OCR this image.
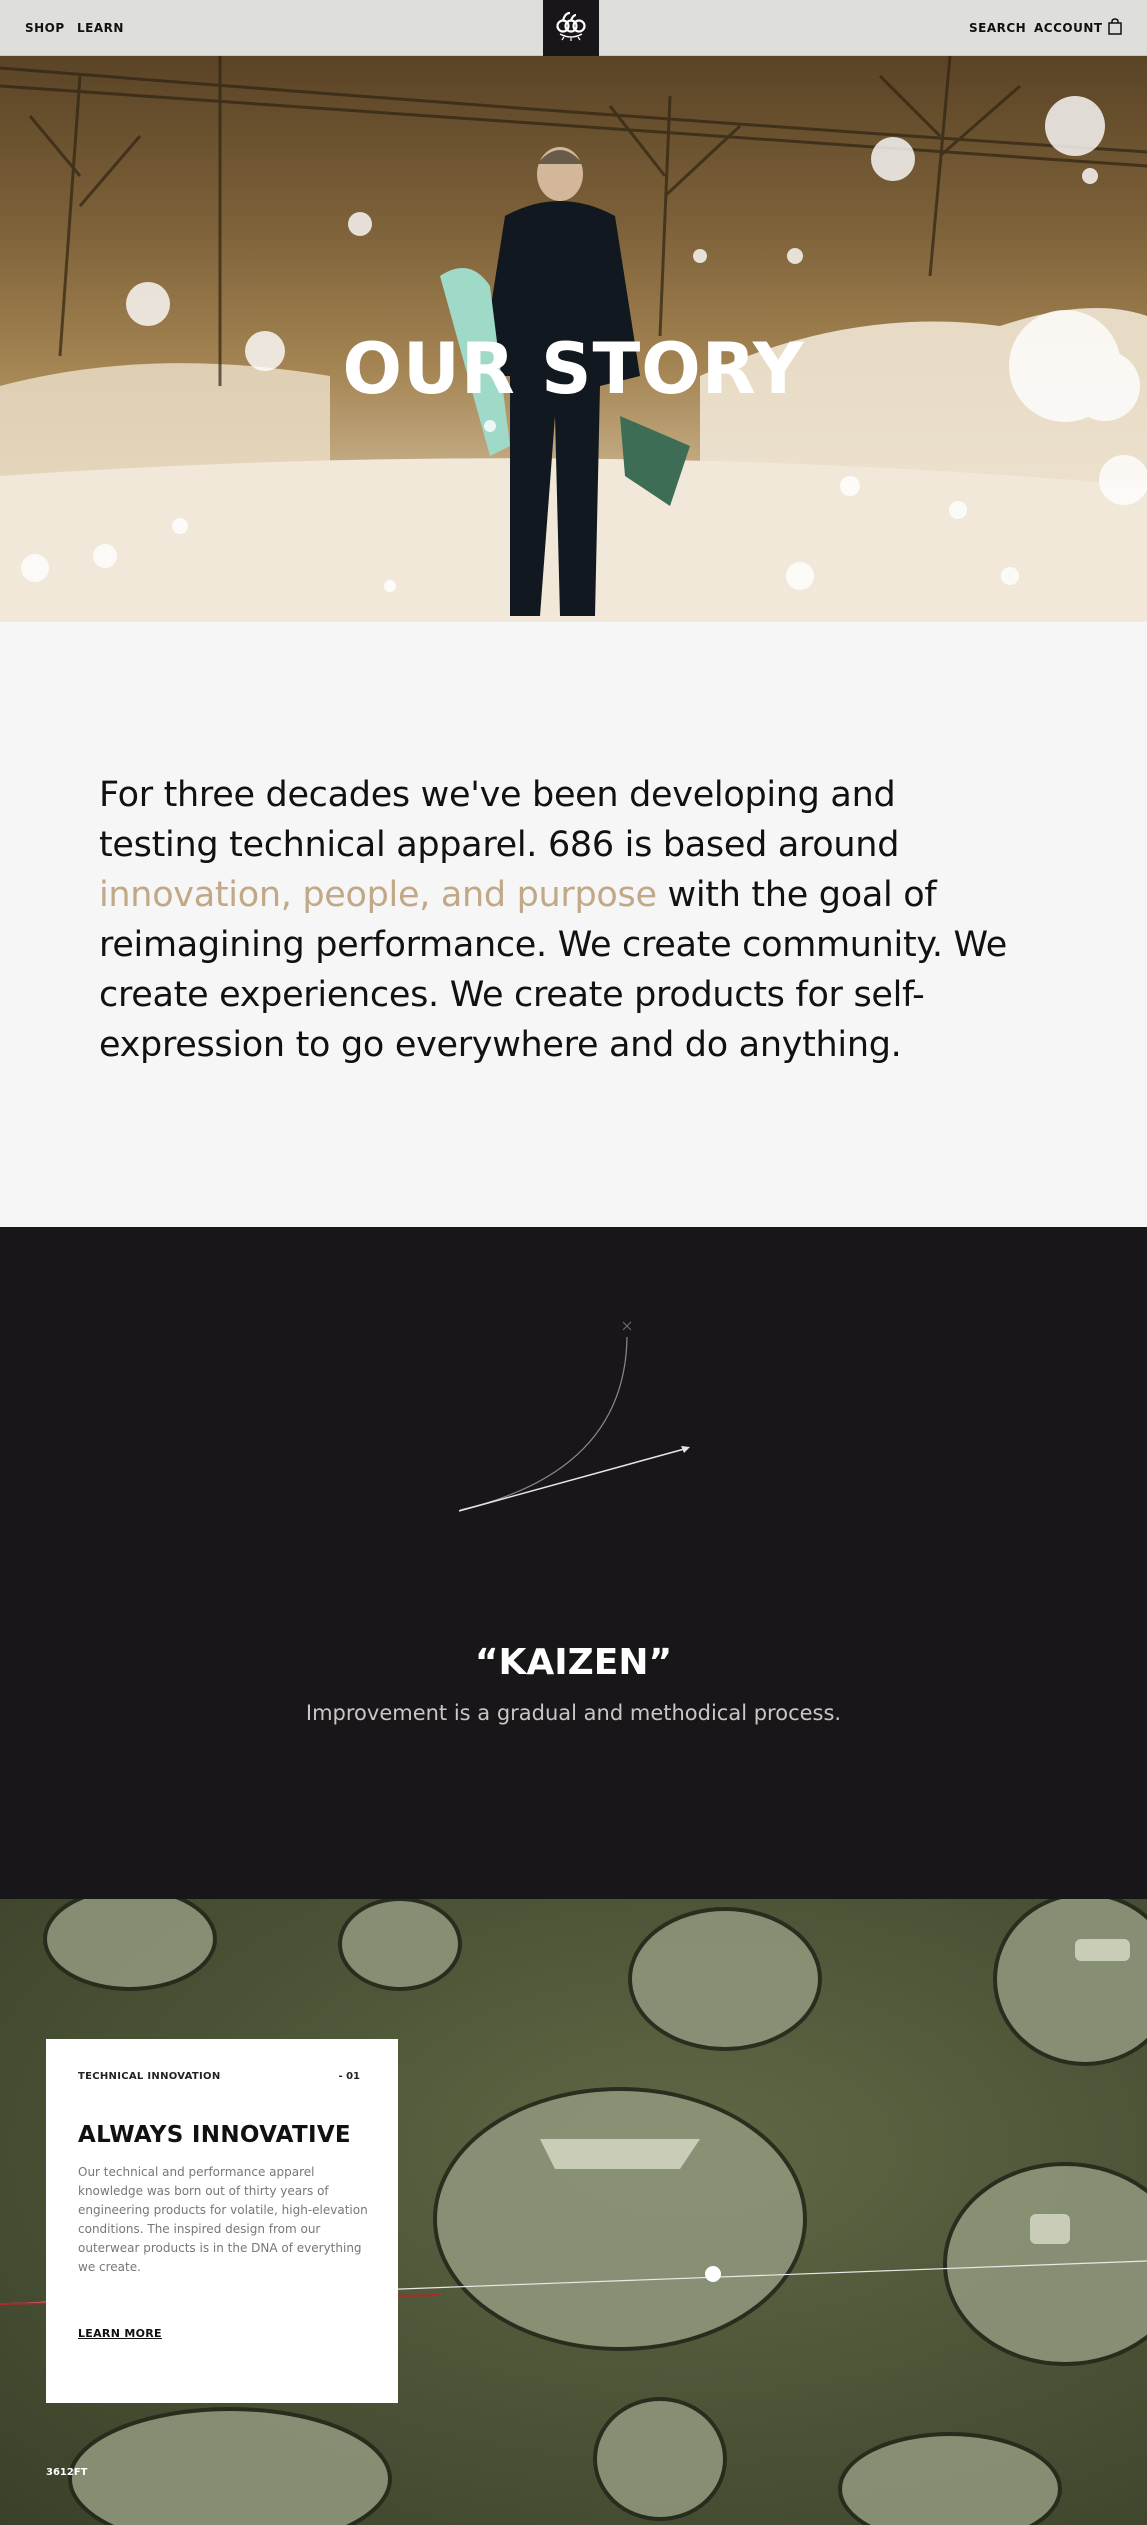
SHOP LEARN	SEARCH ACCOUNT
OUR STORY

For three decades we've been developing and testing technical apparel. 686 is based around innovation, people, and purpose with the goal of reimagining performance. We create community. We create experiences. We create products for self-expression to go everywhere and do anything.

“KAIZEN”
Improvement is a gradual and methodical process.
TECHNICAL INNOVATION	- 01
ALWAYS INNOVATIVE

Our technical and performance apparel knowledge was born out of thirty years of engineering products for volatile, high-elevation conditions. The inspired design from our outerwear products is in the DNA of everything we create.

LEARN MORE
3612FT
